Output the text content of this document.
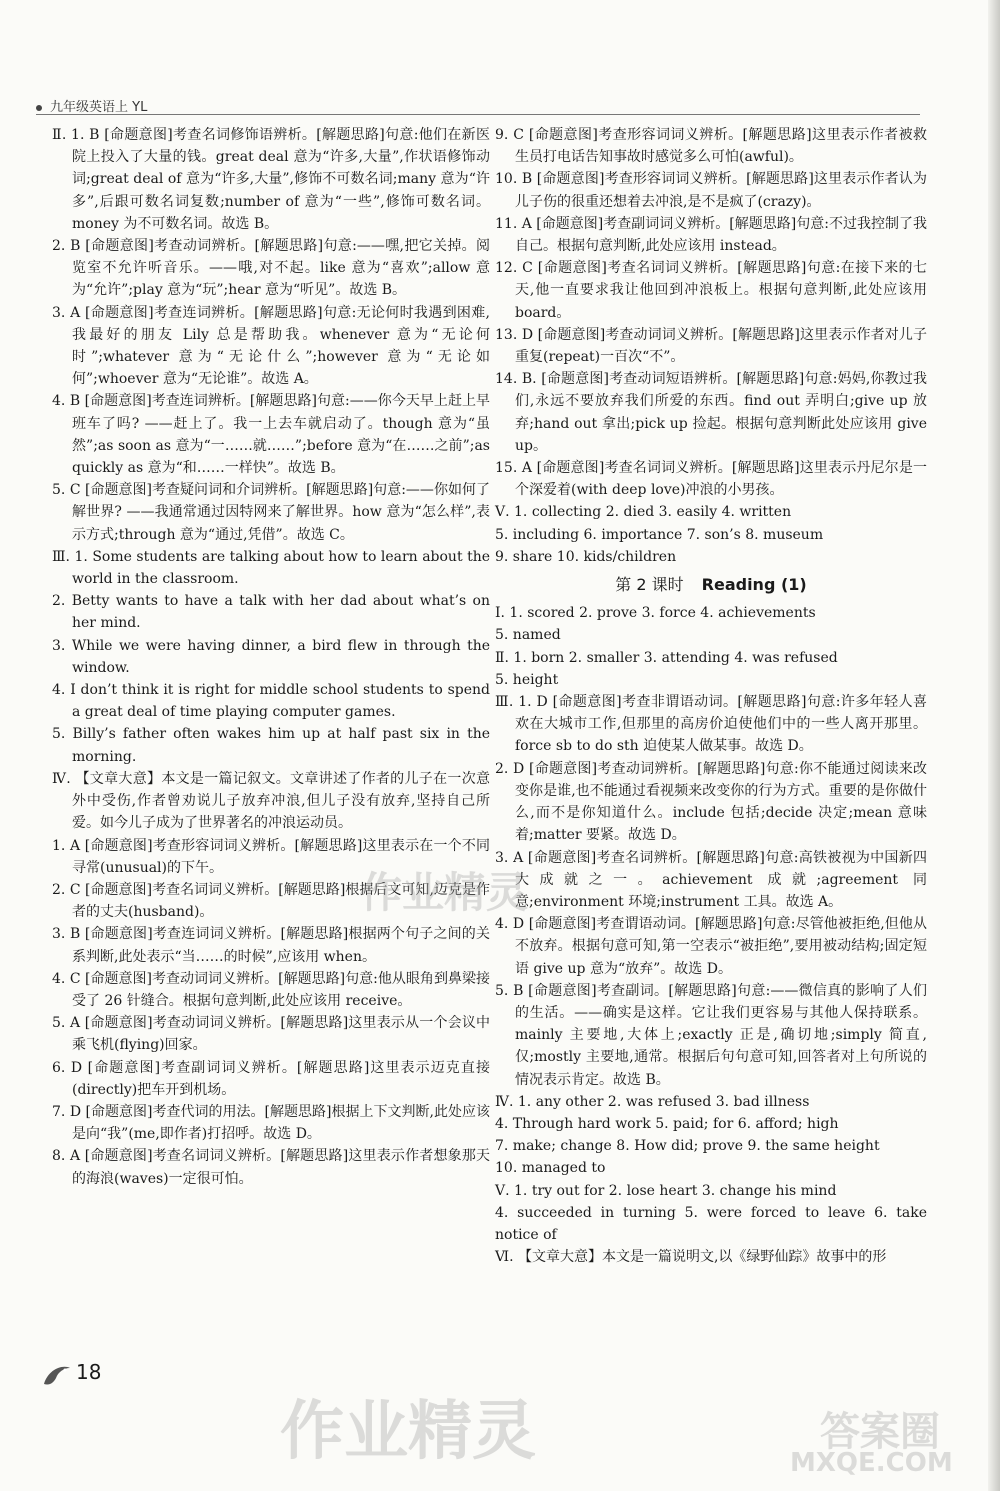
九年级英语上 YL

Ⅱ. 1. B [命题意图]考查名词修饰语辨析。[解题思路]句意:他们在新医院上投入了大量的钱。great deal 意为“许多,大量”,作状语修饰动词;great deal of 意为“许多,大量”,修饰不可数名词;many 意为“许多”,后跟可数名词复数;number of 意为“一些”,修饰可数名词。money 为不可数名词。故选 B。

2. B [命题意图]考查动词辨析。[解题思路]句意:——嘿,把它关掉。阅览室不允许听音乐。——哦,对不起。like 意为“喜欢”;allow 意为“允许”;play 意为“玩”;hear 意为“听见”。故选 B。

3. A [命题意图]考查连词辨析。[解题思路]句意:无论何时我遇到困难,我最好的朋友 Lily 总是帮助我。whenever 意为“无论何时”;whatever 意为“无论什么”;however 意为“无论如何”;whoever 意为“无论谁”。故选 A。

4. B [命题意图]考查连词辨析。[解题思路]句意:——你今天早上赶上早班车了吗? ——赶上了。我一上去车就启动了。though 意为“虽然”;as soon as 意为“一……就……”;before 意为“在……之前”;as quickly as 意为“和……一样快”。故选 B。

5. C [命题意图]考查疑问词和介词辨析。[解题思路]句意:——你如何了解世界? ——我通常通过因特网来了解世界。how 意为“怎么样”,表示方式;through 意为“通过,凭借”。故选 C。

Ⅲ. 1. Some students are talking about how to learn about the world in the classroom.

2. Betty wants to have a talk with her dad about what’s on her mind.

3. While we were having dinner, a bird flew in through the window.

4. I don’t think it is right for middle school students to spend a great deal of time playing computer games.

5. Billy’s father often wakes him up at half past six in the morning.

Ⅳ. 【文章大意】本文是一篇记叙文。文章讲述了作者的儿子在一次意外中受伤,作者曾劝说儿子放弃冲浪,但儿子没有放弃,坚持自己所爱。如今儿子成为了世界著名的冲浪运动员。

1. A [命题意图]考查形容词词义辨析。[解题思路]这里表示在一个不同寻常(unusual)的下午。

2. C [命题意图]考查名词词义辨析。[解题思路]根据后文可知,迈克是作者的丈夫(husband)。

3. B [命题意图]考查连词词义辨析。[解题思路]根据两个句子之间的关系判断,此处表示“当……的时候”,应该用 when。

4. C [命题意图]考查动词词义辨析。[解题思路]句意:他从眼角到鼻梁接受了 26 针缝合。根据句意判断,此处应该用 receive。

5. A [命题意图]考查动词词义辨析。[解题思路]这里表示从一个会议中乘飞机(flying)回家。

6. D [命题意图]考查副词词义辨析。[解题思路]这里表示迈克直接(directly)把车开到机场。

7. D [命题意图]考查代词的用法。[解题思路]根据上下文判断,此处应该是向“我”(me,即作者)打招呼。故选 D。

8. A [命题意图]考查名词词义辨析。[解题思路]这里表示作者想象那天的海浪(waves)一定很可怕。

9. C [命题意图]考查形容词词义辨析。[解题思路]这里表示作者被救生员打电话告知事故时感觉多么可怕(awful)。

10. B [命题意图]考查形容词词义辨析。[解题思路]这里表示作者认为儿子伤的很重还想着去冲浪,是不是疯了(crazy)。

11. A [命题意图]考查副词词义辨析。[解题思路]句意:不过我控制了我自己。根据句意判断,此处应该用 instead。

12. C [命题意图]考查名词词义辨析。[解题思路]句意:在接下来的七天,他一直要求我让他回到冲浪板上。根据句意判断,此处应该用 board。

13. D [命题意图]考查动词词义辨析。[解题思路]这里表示作者对儿子重复(repeat)一百次“不”。

14. B. [命题意图]考查动词短语辨析。[解题思路]句意:妈妈,你教过我们,永远不要放弃我们所爱的东西。find out 弄明白;give up 放弃;hand out 拿出;pick up 捡起。根据句意判断此处应该用 give up。

15. A [命题意图]考查名词词义辨析。[解题思路]这里表示丹尼尔是一个深爱着(with deep love)冲浪的小男孩。

Ⅴ. 1. collecting 2. died 3. easily 4. written

5. including 6. importance 7. son’s 8. museum

9. share 10. kids/children

第 2 课时 Reading (1)

Ⅰ. 1. scored 2. prove 3. force 4. achievements

5. named

Ⅱ. 1. born 2. smaller 3. attending 4. was refused

5. height

Ⅲ. 1. D [命题意图]考查非谓语动词。[解题思路]句意:许多年轻人喜欢在大城市工作,但那里的高房价迫使他们中的一些人离开那里。force sb to do sth 迫使某人做某事。故选 D。

2. D [命题意图]考查动词辨析。[解题思路]句意:你不能通过阅读来改变你是谁,也不能通过看视频来改变你的行为方式。重要的是你做什么,而不是你知道什么。include 包括;decide 决定;mean 意味着;matter 要紧。故选 D。

3. A [命题意图]考查名词辨析。[解题思路]句意:高铁被视为中国新四大成就之一。achievement 成就;agreement 同意;environment 环境;instrument 工具。故选 A。

4. D [命题意图]考查谓语动词。[解题思路]句意:尽管他被拒绝,但他从不放弃。根据句意可知,第一空表示“被拒绝”,要用被动结构;固定短语 give up 意为“放弃”。故选 D。

5. B [命题意图]考查副词。[解题思路]句意:——微信真的影响了人们的生活。——确实是这样。它让我们更容易与其他人保持联系。mainly 主要地,大体上;exactly 正是,确切地;simply 简直,仅;mostly 主要地,通常。根据后句句意可知,回答者对上句所说的情况表示肯定。故选 B。

Ⅳ. 1. any other 2. was refused 3. bad illness

4. Through hard work 5. paid; for 6. afford; high

7. make; change 8. How did; prove 9. the same height

10. managed to

Ⅴ. 1. try out for 2. lose heart 3. change his mind

4. succeeded in turning 5. were forced to leave 6. take notice of

Ⅵ. 【文章大意】本文是一篇说明文,以《绿野仙踪》故事中的形

18
作业精灵
作业精灵
答案圈
MXQE.COM
